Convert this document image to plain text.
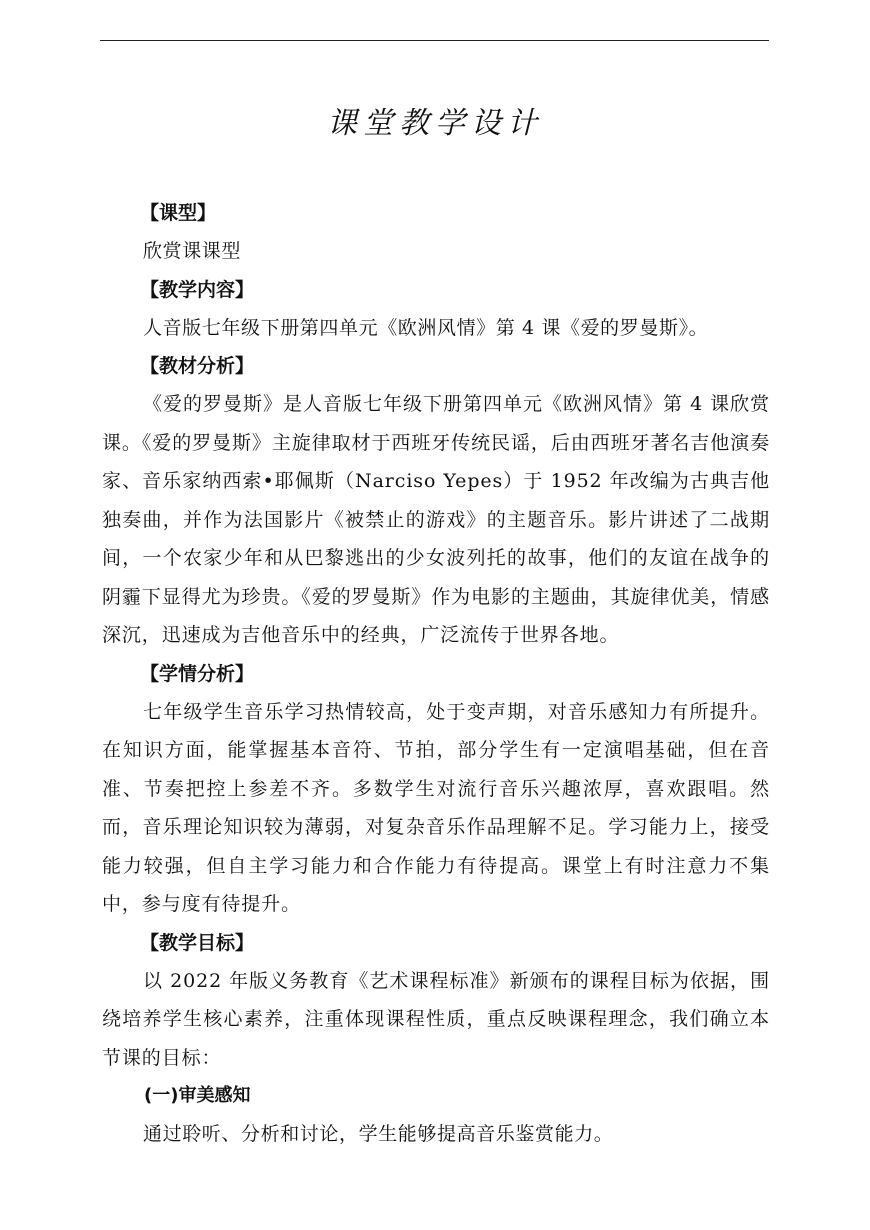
课堂教学设计
【课型】

欣赏课课型

【教学内容】

人音版七年级下册第四单元《欧洲风情》第 4 课《爱的罗曼斯》。

【教材分析】

《爱的罗曼斯》是人音版七年级下册第四单元《欧洲风情》第 4 课欣赏课。《爱的罗曼斯》主旋律取材于西班牙传统民谣，后由西班牙著名吉他演奏家、音乐家纳西索•耶佩斯（Narciso Yepes）于 1952 年改编为古典吉他独奏曲，并作为法国影片《被禁止的游戏》的主题音乐。影片讲述了二战期间，一个农家少年和从巴黎逃出的少女波列托的故事，他们的友谊在战争的阴霾下显得尤为珍贵。《爱的罗曼斯》作为电影的主题曲，其旋律优美，情感深沉，迅速成为吉他音乐中的经典，广泛流传于世界各地。

【学情分析】

七年级学生音乐学习热情较高，处于变声期，对音乐感知力有所提升。在知识方面，能掌握基本音符、节拍，部分学生有一定演唱基础，但在音准、节奏把控上参差不齐。多数学生对流行音乐兴趣浓厚，喜欢跟唱。然而，音乐理论知识较为薄弱，对复杂音乐作品理解不足。学习能力上，接受能力较强，但自主学习能力和合作能力有待提高。课堂上有时注意力不集中，参与度有待提升。

【教学目标】

以 2022 年版义务教育《艺术课程标准》新颁布的课程目标为依据，围绕培养学生核心素养，注重体现课程性质，重点反映课程理念，我们确立本节课的目标：

(一)审美感知

通过聆听、分析和讨论，学生能够提高音乐鉴赏能力。
